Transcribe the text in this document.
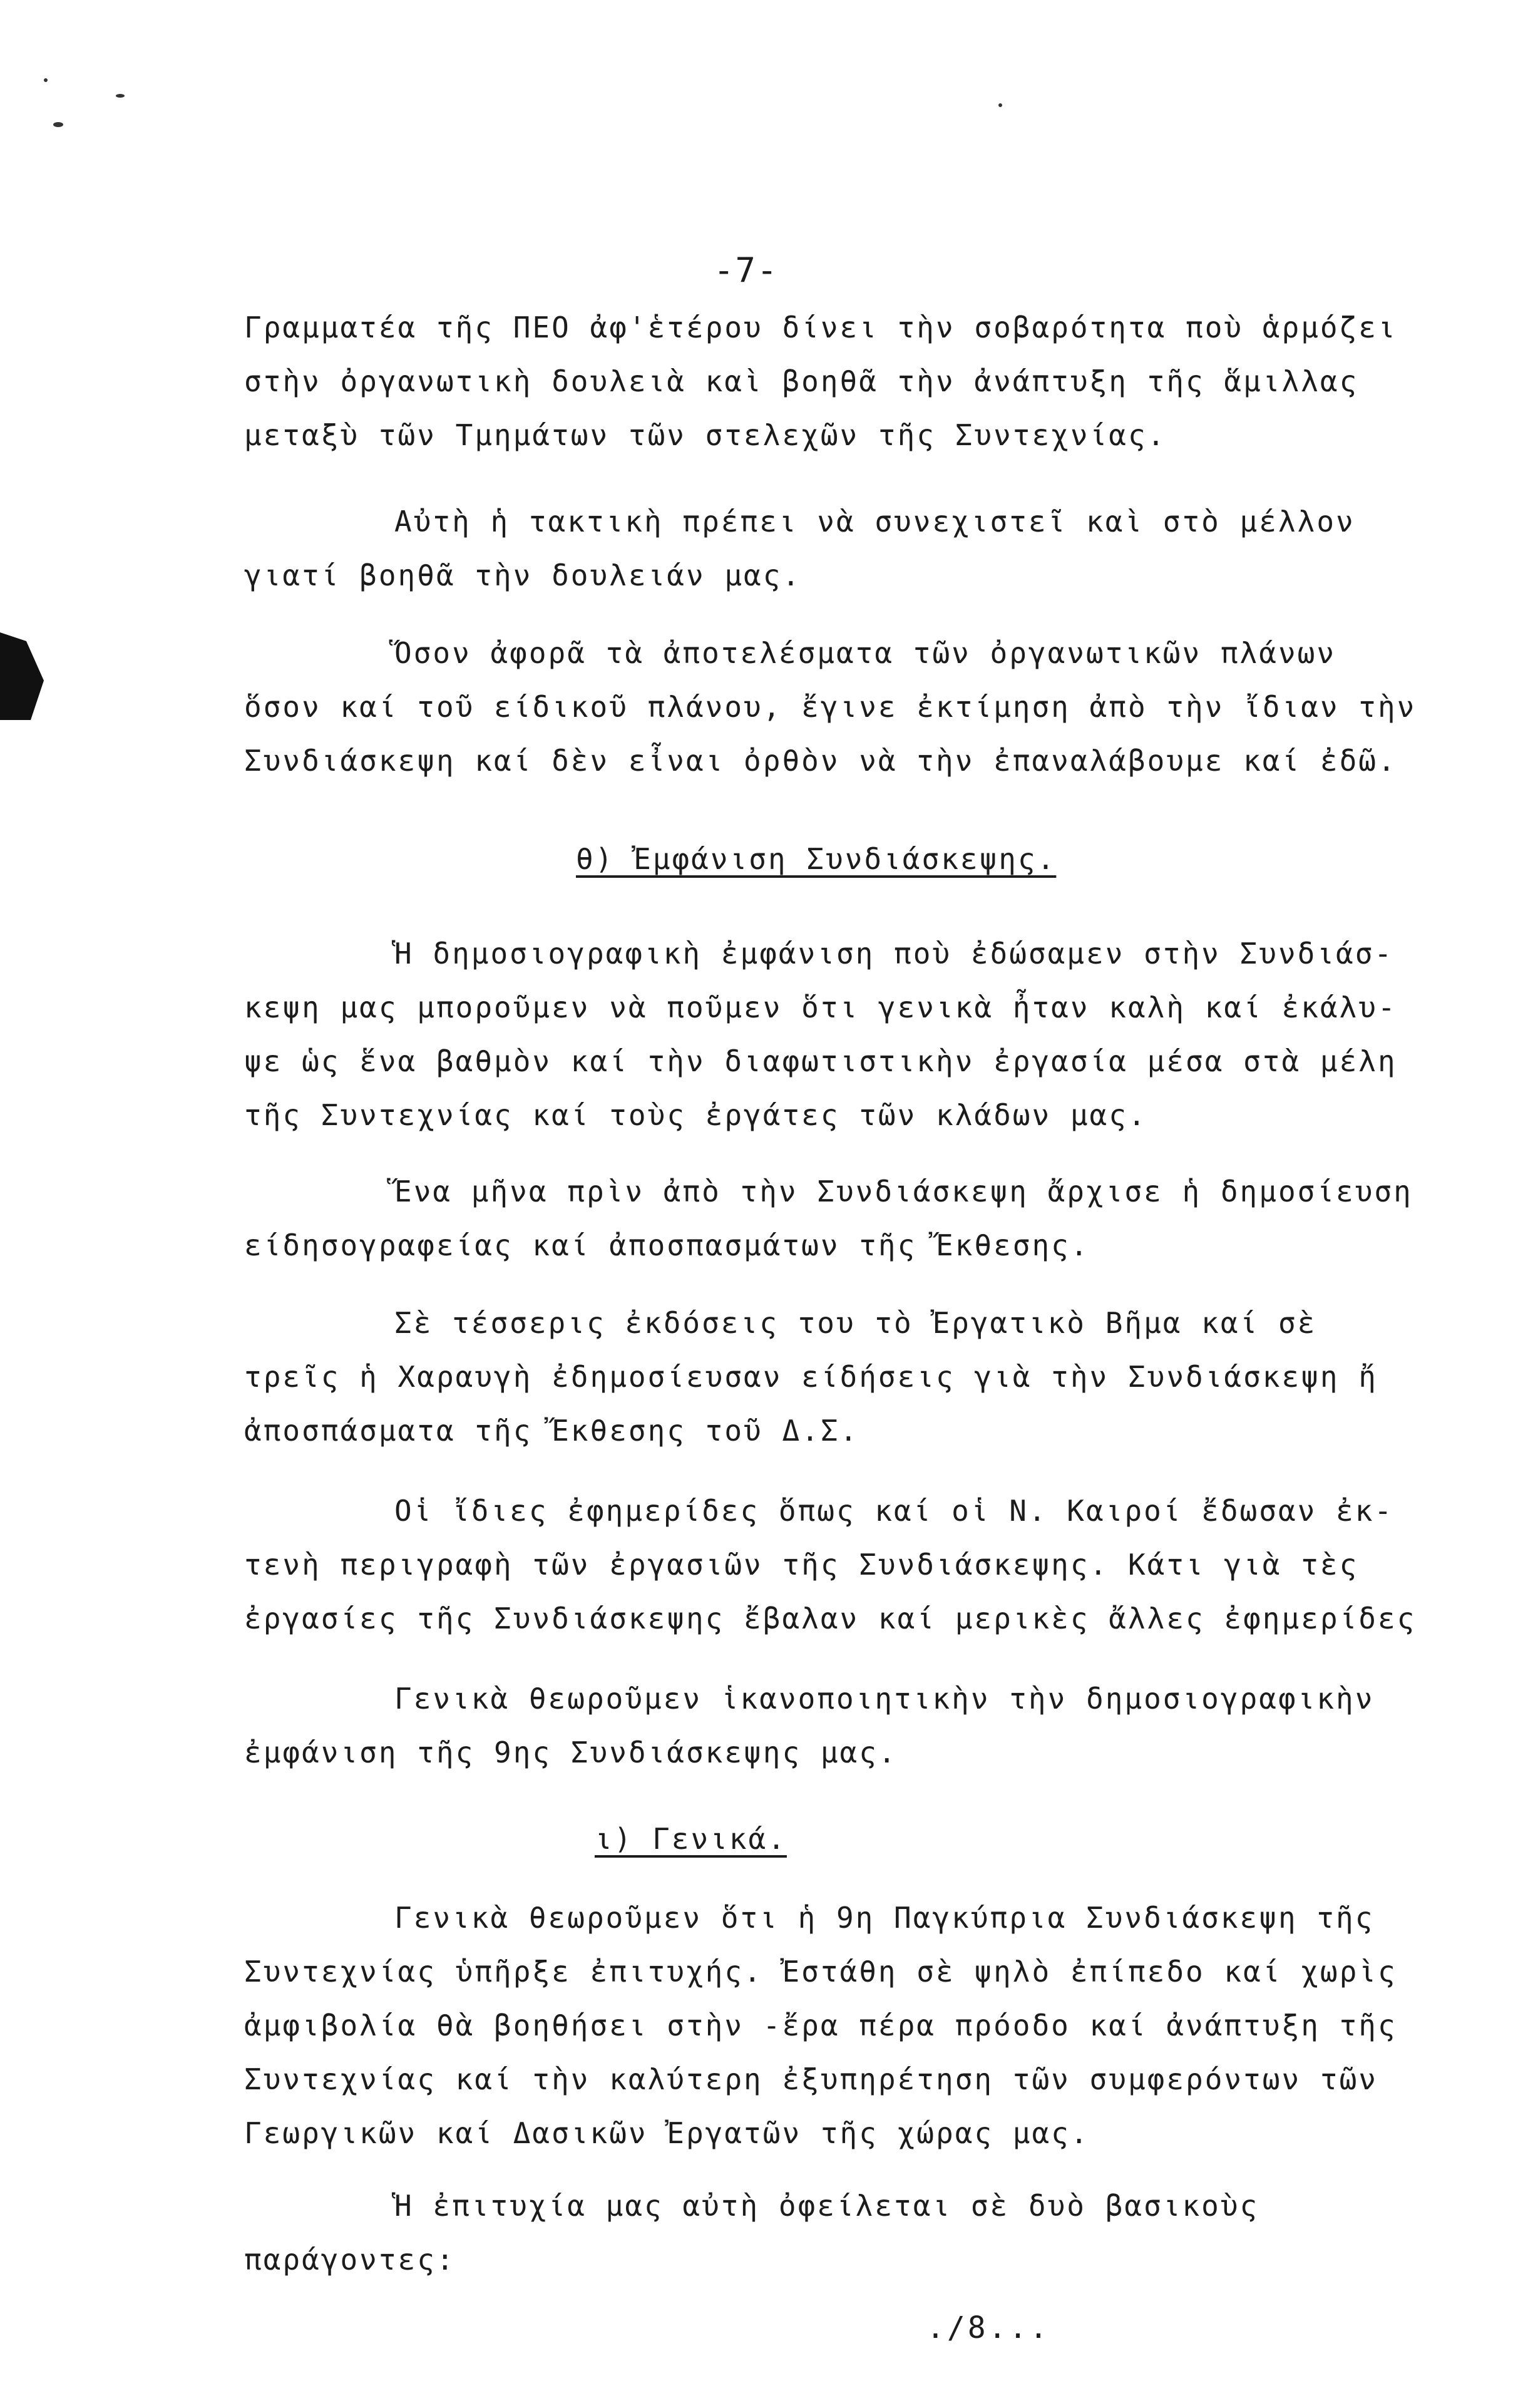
-7-
Γραμματέα τῆς ΠΕΟ ἀφ'ἑτέρου δίνει τὴν σοβαρότητα ποὺ ἁρμόζει
στὴν ὀργανωτικὴ δουλειὰ καὶ βοηθᾶ τὴν ἀνάπτυξη τῆς ἅμιλλας
μεταξὺ τῶν Τμημάτων τῶν στελεχῶν τῆς Συντεχνίας.
Αὐτὴ ἡ τακτικὴ πρέπει νὰ συνεχιστεῖ καὶ στὸ μέλλον
γιατί βοηθᾶ τὴν δουλειάν μας.
Ὅσον ἀφορᾶ τὰ ἀποτελέσματα τῶν ὀργανωτικῶν πλάνων
ὅσον καί τοῦ είδικοῦ πλάνου, ἔγινε ἐκτίμηση ἀπὸ τὴν ἴδιαν τὴν
Συνδιάσκεψη καί δὲν εἶναι ὀρθὸν νὰ τὴν ἐπαναλάβουμε καί ἐδῶ.
θ) Ἐμφάνιση Συνδιάσκεψης.
Ἡ δημοσιογραφικὴ ἐμφάνιση ποὺ ἐδώσαμεν στὴν Συνδιάσ-
κεψη μας μποροῦμεν νὰ ποῦμεν ὅτι γενικὰ ἦταν καλὴ καί ἐκάλυ-
ψε ὡς ἕνα βαθμὸν καί τὴν διαφωτιστικὴν ἐργασία μέσα στὰ μέλη
τῆς Συντεχνίας καί τοὺς ἐργάτες τῶν κλάδων μας.
Ἕνα μῆνα πρὶν ἀπὸ τὴν Συνδιάσκεψη ἄρχισε ἡ δημοσίευση
είδησογραφείας καί ἀποσπασμάτων τῆς Ἔκθεσης.
Σὲ τέσσερις ἐκδόσεις του τὸ Ἐργατικὸ Βῆμα καί σὲ
τρεῖς ἡ Χαραυγὴ ἐδημοσίευσαν είδήσεις γιὰ τὴν Συνδιάσκεψη ἤ
ἀποσπάσματα τῆς Ἔκθεσης τοῦ Δ.Σ.
Οἱ ἴδιες ἐφημερίδες ὅπως καί οἱ Ν. Καιροί ἔδωσαν ἐκ-
τενὴ περιγραφὴ τῶν ἐργασιῶν τῆς Συνδιάσκεψης. Κάτι γιὰ τὲς
ἐργασίες τῆς Συνδιάσκεψης ἔβαλαν καί μερικὲς ἄλλες ἐφημερίδες
Γενικὰ θεωροῦμεν ἱκανοποιητικὴν τὴν δημοσιογραφικὴν
ἐμφάνιση τῆς 9ης Συνδιάσκεψης μας.
ι) Γενικά.
Γενικὰ θεωροῦμεν ὅτι ἡ 9η Παγκύπρια Συνδιάσκεψη τῆς
Συντεχνίας ὑπῆρξε ἐπιτυχής. Ἐστάθη σὲ ψηλὸ ἐπίπεδο καί χωρὶς
ἀμφιβολία θὰ βοηθήσει στὴν -ἔρα πέρα πρόοδο καί ἀνάπτυξη τῆς
Συντεχνίας καί τὴν καλύτερη ἐξυπηρέτηση τῶν συμφερόντων τῶν
Γεωργικῶν καί Δασικῶν Ἐργατῶν τῆς χώρας μας.
Ἡ ἐπιτυχία μας αὐτὴ ὀφείλεται σὲ δυὸ βασικοὺς
παράγοντες:
./8...
